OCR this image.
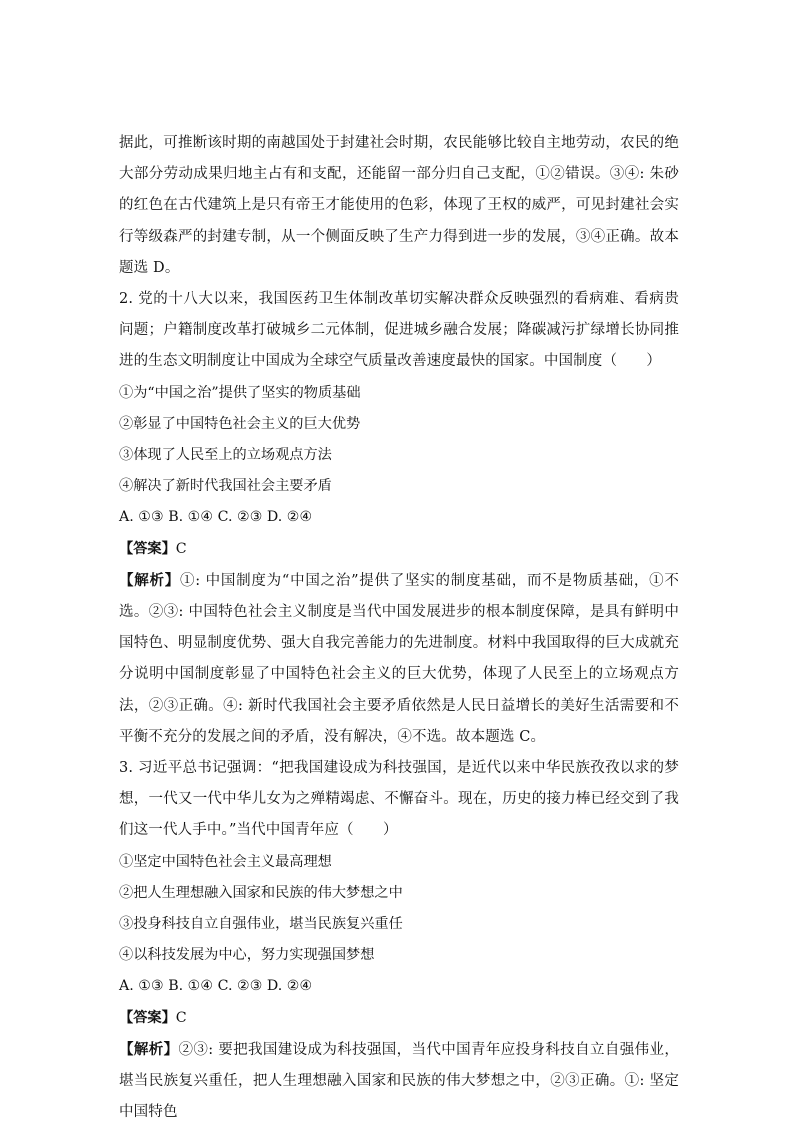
据此，可推断该时期的南越国处于封建社会时期，农民能够比较自主地劳动，农民的绝大部分劳动成果归地主占有和支配，还能留一部分归自己支配，①②错误。③④: 朱砂的红色在古代建筑上是只有帝王才能使用的色彩，体现了王权的威严，可见封建社会实行等级森严的封建专制，从一个侧面反映了生产力得到进一步的发展，③④正确。故本题选 D。

2. 党的十八大以来，我国医药卫生体制改革切实解决群众反映强烈的看病难、看病贵问题；户籍制度改革打破城乡二元体制，促进城乡融合发展；降碳减污扩绿增长协同推进的生态文明制度让中国成为全球空气质量改善速度最快的国家。中国制度（　　）

①为“中国之治”提供了坚实的物质基础

②彰显了中国特色社会主义的巨大优势

③体现了人民至上的立场观点方法

④解决了新时代我国社会主要矛盾

A. ①③ B. ①④ C. ②③ D. ②④

【答案】C

【解析】①: 中国制度为“中国之治”提供了坚实的制度基础，而不是物质基础，①不选。②③: 中国特色社会主义制度是当代中国发展进步的根本制度保障，是具有鲜明中国特色、明显制度优势、强大自我完善能力的先进制度。材料中我国取得的巨大成就充分说明中国制度彰显了中国特色社会主义的巨大优势，体现了人民至上的立场观点方法，②③正确。④: 新时代我国社会主要矛盾依然是人民日益增长的美好生活需要和不平衡不充分的发展之间的矛盾，没有解决，④不选。故本题选 C。

3. 习近平总书记强调：“把我国建设成为科技强国，是近代以来中华民族孜孜以求的梦想，一代又一代中华儿女为之殚精竭虑、不懈奋斗。现在，历史的接力棒已经交到了我们这一代人手中。”当代中国青年应（　　）

①坚定中国特色社会主义最高理想

②把人生理想融入国家和民族的伟大梦想之中

③投身科技自立自强伟业，堪当民族复兴重任

④以科技发展为中心，努力实现强国梦想

A. ①③ B. ①④ C. ②③ D. ②④

【答案】C

【解析】②③: 要把我国建设成为科技强国，当代中国青年应投身科技自立自强伟业，堪当民族复兴重任，把人生理想融入国家和民族的伟大梦想之中，②③正确。①: 坚定中国特色
